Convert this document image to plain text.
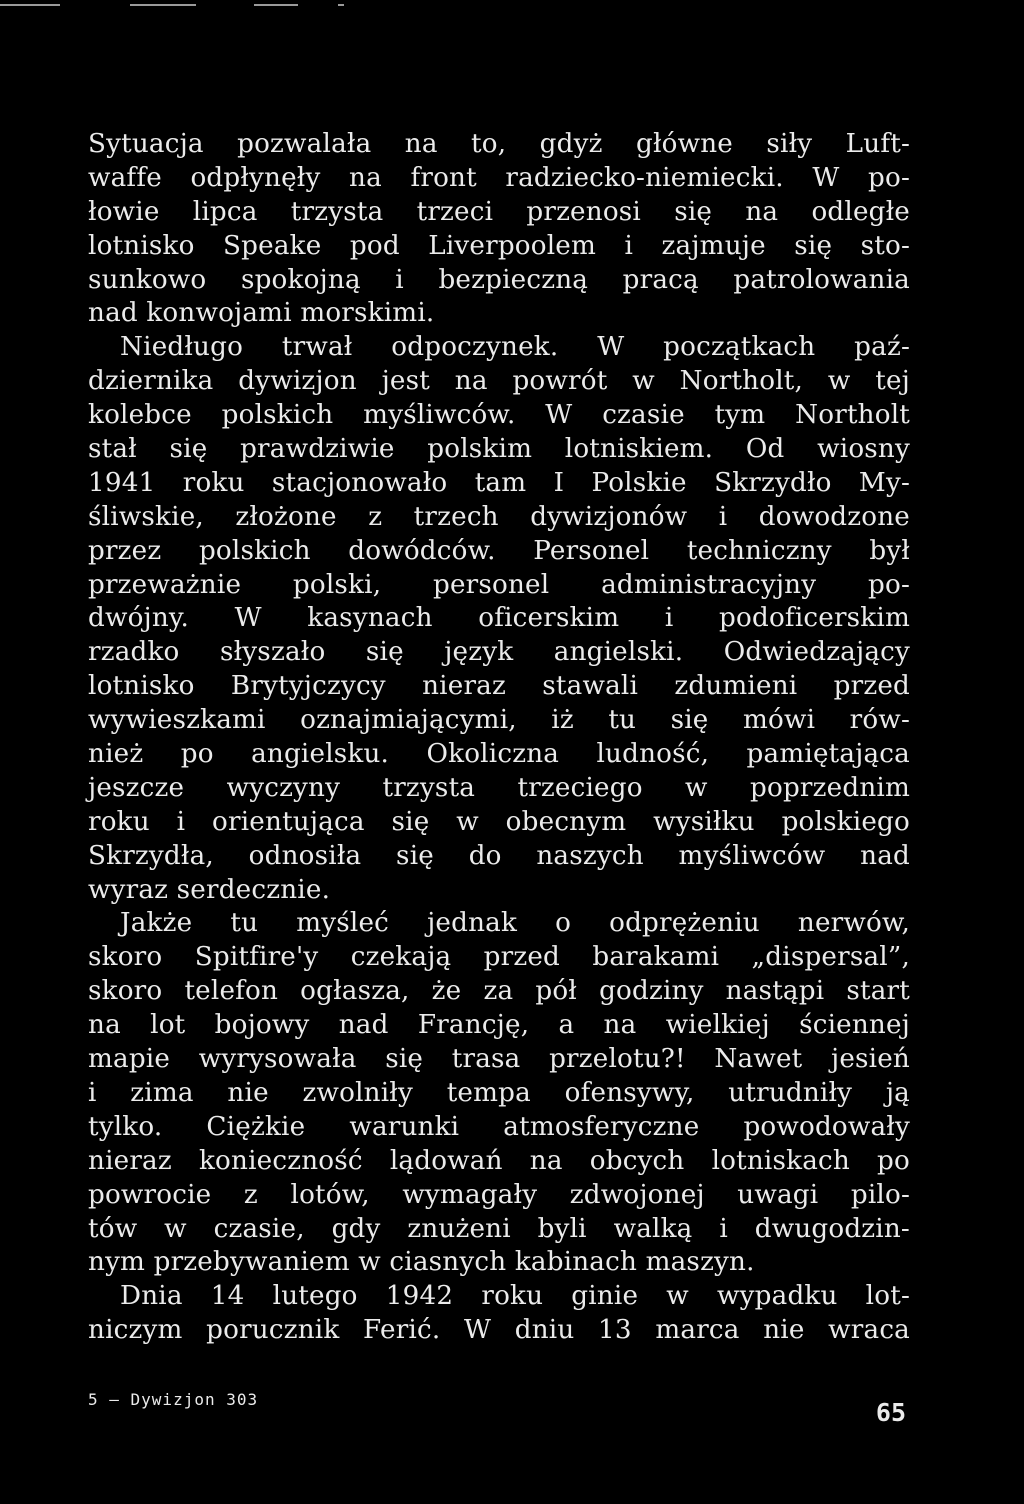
Sytuacja pozwalała na to, gdyż główne siły Luft-
waffe odpłynęły na front radziecko-niemiecki. W po-
łowie lipca trzysta trzeci przenosi się na odległe
lotnisko Speake pod Liverpoolem i zajmuje się sto-
sunkowo spokojną i bezpieczną pracą patrolowania
nad konwojami morskimi.
Niedługo trwał odpoczynek. W początkach paź-
dziernika dywizjon jest na powrót w Northolt, w tej
kolebce polskich myśliwców. W czasie tym Northolt
stał się prawdziwie polskim lotniskiem. Od wiosny
1941 roku stacjonowało tam I Polskie Skrzydło My-
śliwskie, złożone z trzech dywizjonów i dowodzone
przez polskich dowódców. Personel techniczny był
przeważnie polski, personel administracyjny po-
dwójny. W kasynach oficerskim i podoficerskim
rzadko słyszało się język angielski. Odwiedzający
lotnisko Brytyjczycy nieraz stawali zdumieni przed
wywieszkami oznajmiającymi, iż tu się mówi rów-
nież po angielsku. Okoliczna ludność, pamiętająca
jeszcze wyczyny trzysta trzeciego w poprzednim
roku i orientująca się w obecnym wysiłku polskiego
Skrzydła, odnosiła się do naszych myśliwców nad
wyraz serdecznie.
Jakże tu myśleć jednak o odprężeniu nerwów,
skoro Spitfire'y czekają przed barakami „dispersal”,
skoro telefon ogłasza, że za pół godziny nastąpi start
na lot bojowy nad Francję, a na wielkiej ściennej
mapie wyrysowała się trasa przelotu?! Nawet jesień
i zima nie zwolniły tempa ofensywy, utrudniły ją
tylko. Ciężkie warunki atmosferyczne powodowały
nieraz konieczność lądowań na obcych lotniskach po
powrocie z lotów, wymagały zdwojonej uwagi pilo-
tów w czasie, gdy znużeni byli walką i dwugodzin-
nym przebywaniem w ciasnych kabinach maszyn.
Dnia 14 lutego 1942 roku ginie w wypadku lot-
niczym porucznik Ferić. W dniu 13 marca nie wraca
5 — Dywizjon 303	65
